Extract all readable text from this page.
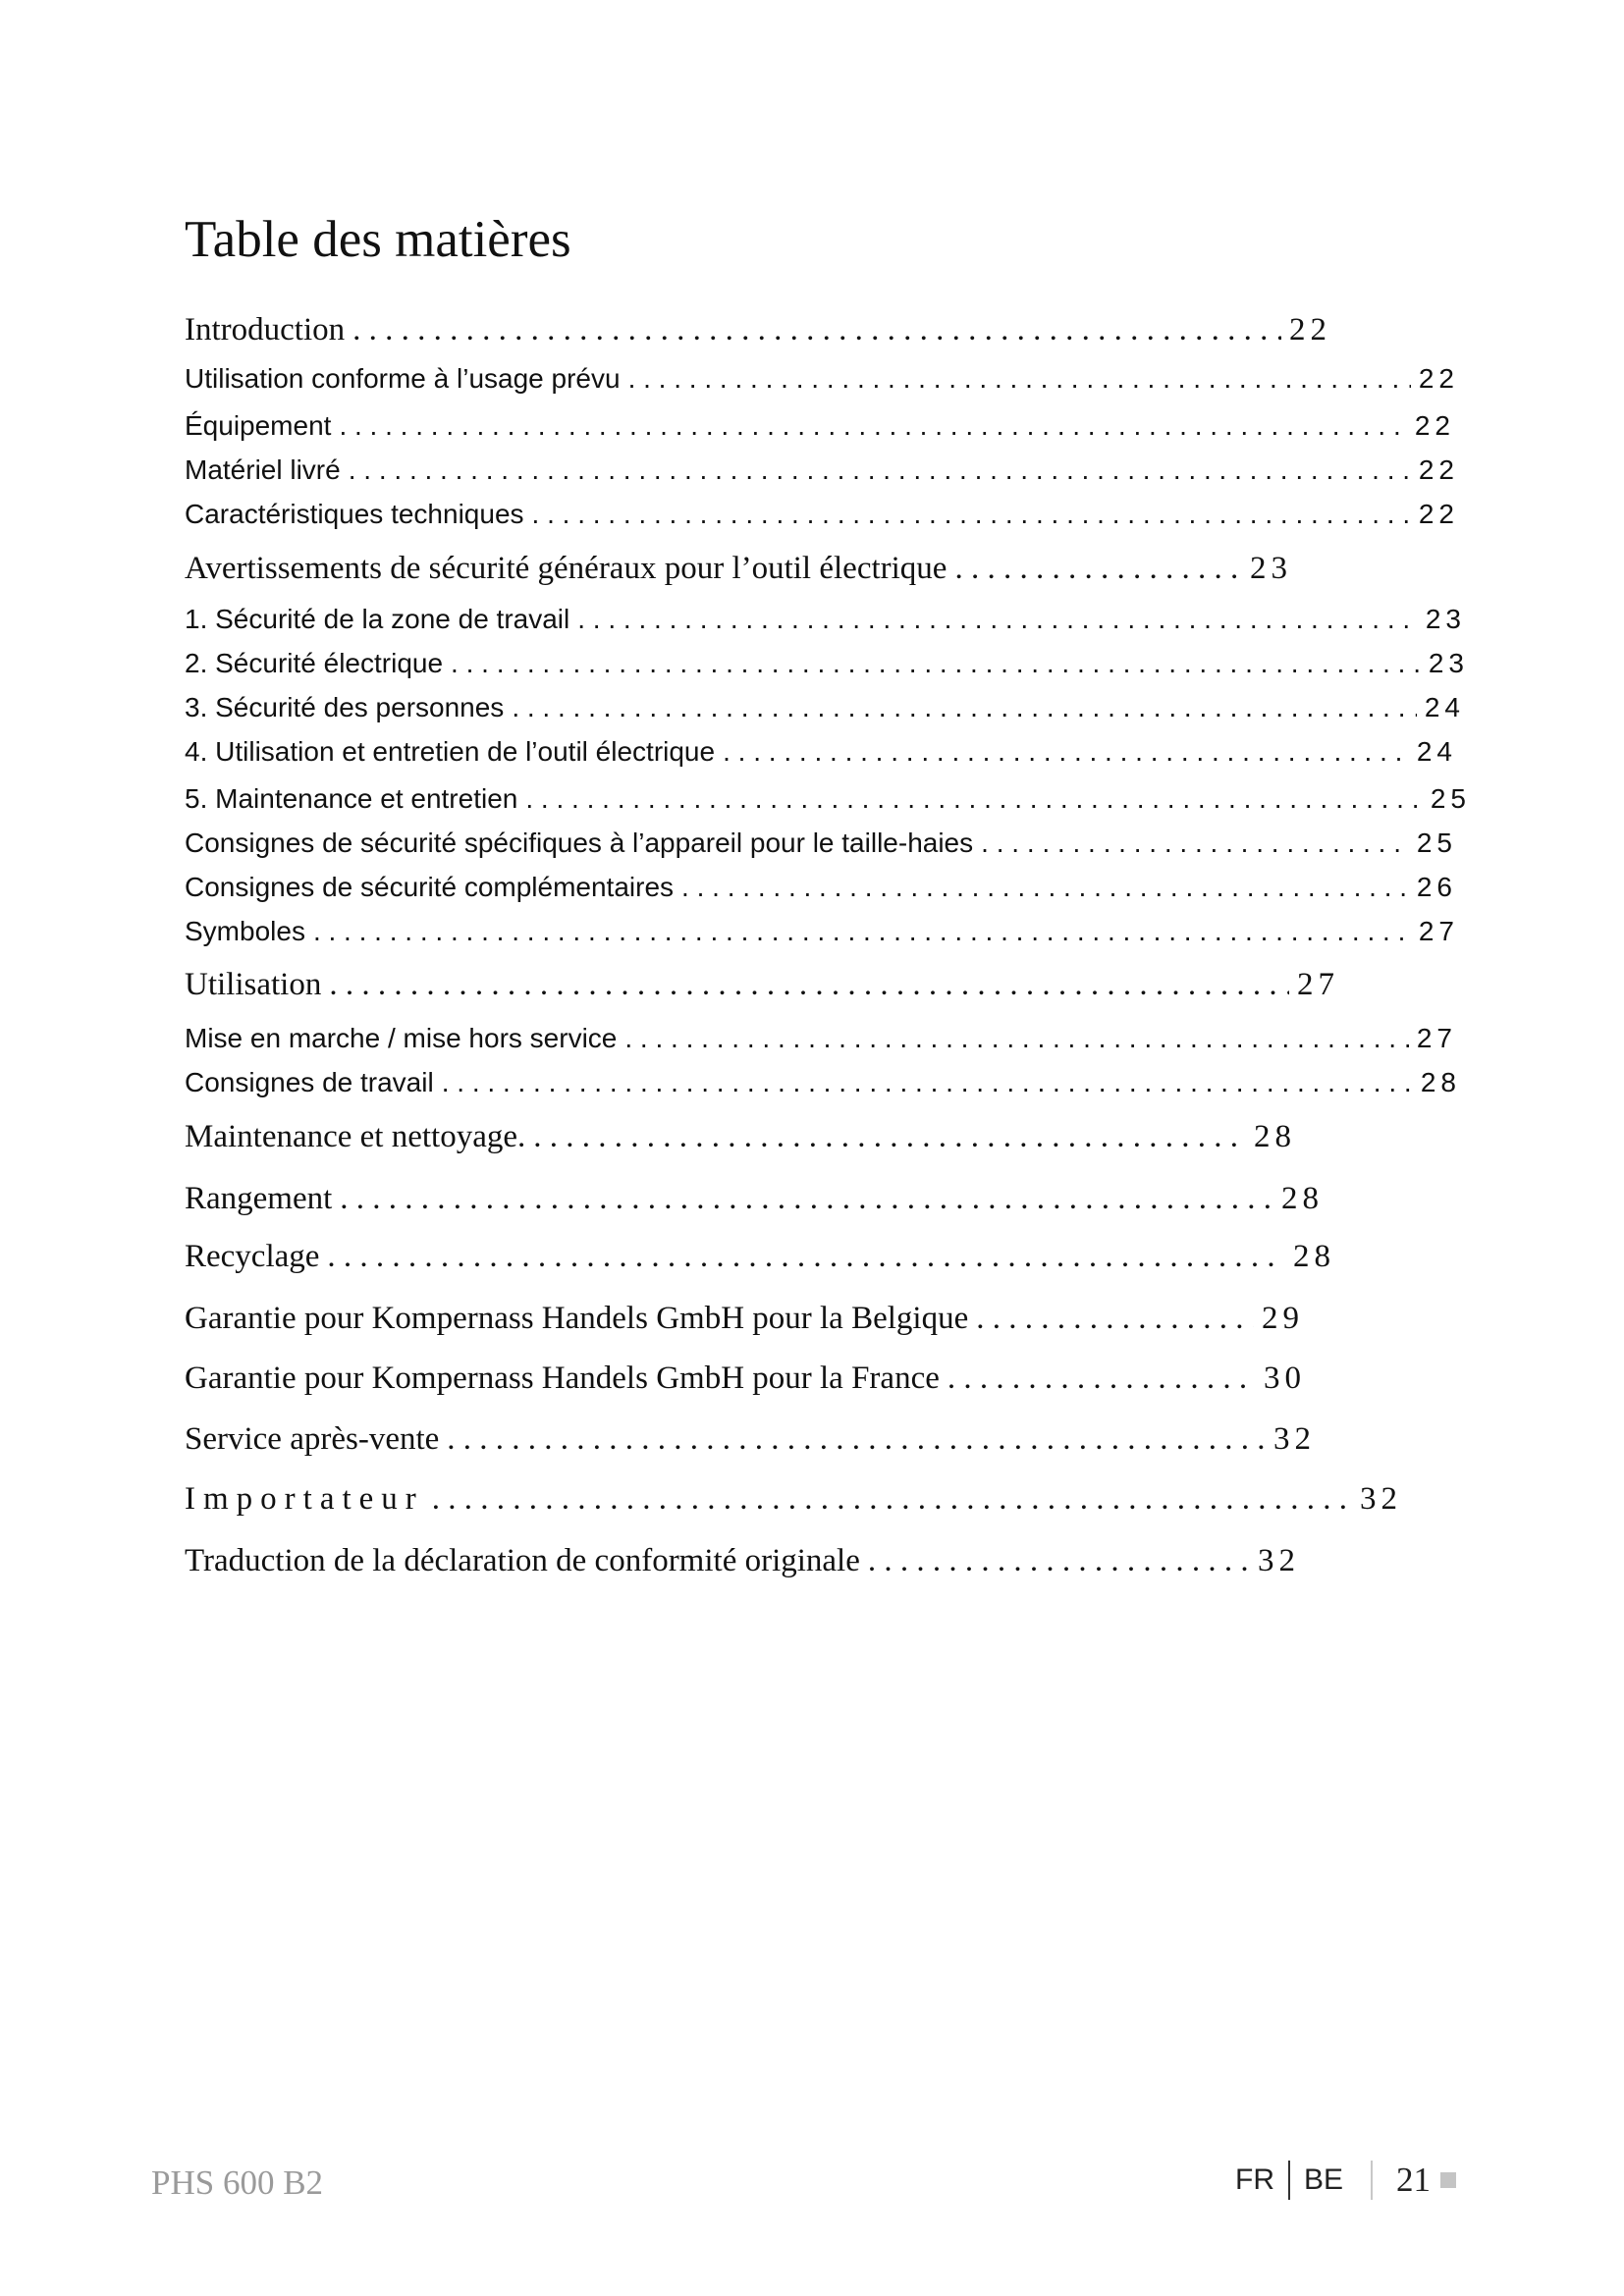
Table des matières
Introduction . . .	22
Utilisation conforme à l’usage prévu . . .	22
Équipement . . .	22
Matériel livré . . .	22
Caractéristiques techniques . . .	22
Avertissements de sécurité généraux pour l’outil électrique . . .	23
1. Sécurité de la zone de travail . . .	23
2. Sécurité électrique . . .	23
3. Sécurité des personnes . . .	24
4. Utilisation et entretien de l’outil électrique . . .	24
5. Maintenance et entretien . . .	25
Consignes de sécurité spécifiques à l’appareil pour le taille-haies . . .	25
Consignes de sécurité complémentaires . . .	26
Symboles . . .	27
Utilisation . . .	27
Mise en marche / mise hors service . . .	27
Consignes de travail . . .	28
Maintenance et nettoyage. . . .	28
Rangement . . .	28
Recyclage . . .	28
Garantie pour Kompernass Handels GmbH pour la Belgique . . .	29
Garantie pour Kompernass Handels GmbH pour la France . . .	30
Service après-vente . . .	32
Importateur . . .	32
Traduction de la déclaration de conformité originale . . .	32
PHS 600 B2	FR BE 21
